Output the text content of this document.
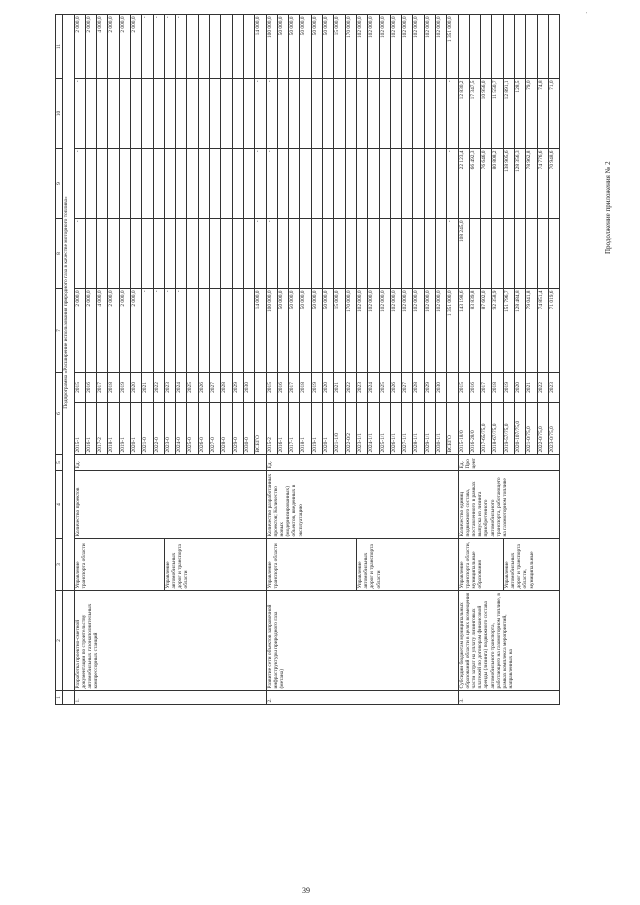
39
'
Продолжение приложения № 2
1	2	3	4	5	6		7	8	9	10	11
		Подпрограмма «Расширение использования природного газа в качестве моторного топлива»									
1.	Разработка проектно-сметной документации по строительству автомобильных газонаполнительных компрессорных станций	Управление транспорта области	Количество проектов	Ед.	2015-1	2015	2 000,0	-	-	-	2 000,0
					2016-1	2016	2 000,0				2 000,0
					2017-2	2017	4 000,0				4 000,0
					2018-1	2018	2 000,0				2 000,0
					2019-1	2019	2 000,0				2 000,0
					2020-1	2020	2 000,0				2 000,0
					2021-0	2021	-				-
					2022-0	2022	-				-
		Управление автомобильных дорог и транспорта области			2023-0	2023	-				-
					2024-0	2024	-				-
					2025-0	2025					
					2026-0	2026					
					2027-0	2027					
					2028-0	2028					
					2029-0	2029					
					2030-0	2030					
					ВСЕГО		14 000,0	-	-	-	14 000,0
2.	Развитие сети объектов заправочной инфраструктуры природного газа (метана)	Управление транспорта области	Количество разработанных проектов; Количество новых (модернизированных) объектов, введенных в эксплуатацию	Ед.	2015-2	2015	100 000,0	-	-	-	100 000,0
					2016-1	2016	50 000,0				50 000,0
					2017-1	2017	50 000,0				50 000,0
					2018-1	2018	50 000,0				50 000,0
					2019-1	2019	50 000,0				50 000,0
					2020-1	2020	50 000,0				50 000,0
					2021-1/0	2021	15 000,0				15 000,0
					2022-0/2	2022	170 000,0				170 000,0
		Управление автомобильных дорог и транспорта области			2023-1/1	2023	102 000,0				102 000,0
					2024-1/1	2024	102 000,0				102 000,0
					2025-1/1	2025	102 000,0				102 000,0
					2026-1/1	2026	102 000,0				102 000,0
					2027-1/1	2027	102 000,0				102 000,0
					2028-1/1	2028	102 000,0				102 000,0
					2029-1/1	2029	102 000,0				102 000,0
					2030-1/1	2030	102 000,0				102 000,0
					ВСЕГО		1 351 000,0	-	-	-	1 351 000,0
3.	Субсидии бюджетам муниципальных образований области в целях возмещения части затрат на уплату лизинговых платежей по договорам финансовой аренды (лизинга) подвижного состава автомобильного транспорта, работающего на газомоторном топливе, в рамках комплекса мероприятий, направленных на	Управление транспорта области, муниципальные образования	Количество единиц подвижного состава, поставленного в рамках выпуска из лизинга приобретенного автомобильного транспорта, работающего на газомоторном топливе	Ед. Процент	2015-18/0	2015	143 198,6	108 245,0	22 123,4	12 830,2	
					2016-28/0	2016	83 839,8		66 492,3	17 347,5	
					2017-65/75,0	2017	87 602,0		76 646,0	10 956,0	
					2018-67/75,0	2018	92 358,9		80 808,2	11 550,7	
		Управление автомобильных дорог и транспорта области, муниципальные			2019-57/75,0	2019	151 796,7		138 905,6	12 891,1	
					2020-107/75,0	2020	128 484,8		128 356,3	128,5	
					2021-0/75,0	2021	79 041,8		78 962,8	79,0	
					2022-0/75,0	2022	74 851,4		74 776,6	74,8	
					2023-0/75,0	2023	71 019,6		70 948,6	71,0	
